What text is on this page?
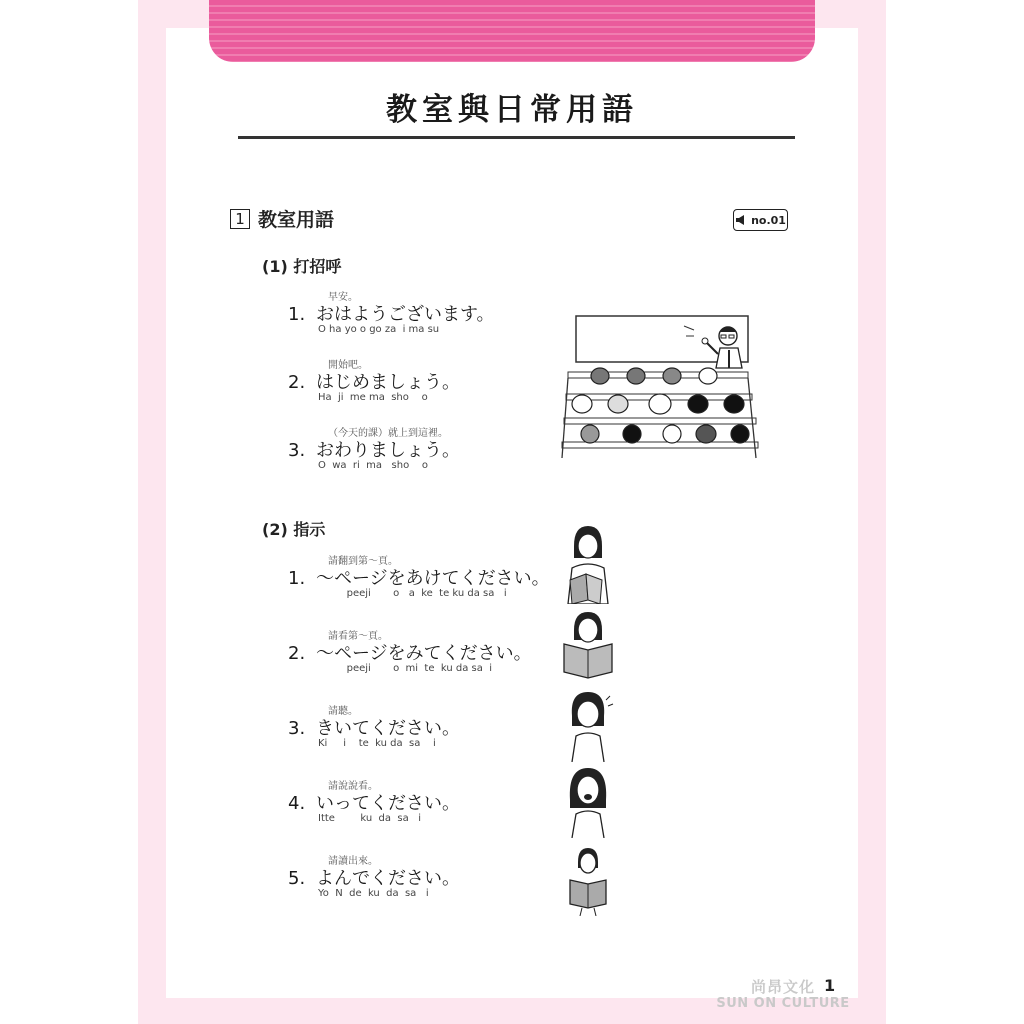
教室與日常用語
1 教室用語	no.01
(1) 打招呼
早安。
1. おはようございます。
O ha yo o go za  i ma su
開始吧。
2. はじめましょう。
Ha  ji  me ma  sho    o
（今天的課）就上到這裡。
3. おわりましょう。
O  wa  ri  ma   sho    o
(2) 指示
請翻到第～頁。
1. ～ページをあけてください。
peeji       o   a  ke  te ku da sa   i
請看第～頁。
2. ～ページをみてください。
peeji       o  mi  te  ku da sa  i
請聽。
3. きいてください。
Ki     i    te  ku da  sa    i
請說說看。
4. いってください。
Itte        ku  da  sa   i
請讀出來。
5. よんでください。
Yo  N  de  ku  da  sa   i
尚昂文化
SUN ON CULTURE
1
